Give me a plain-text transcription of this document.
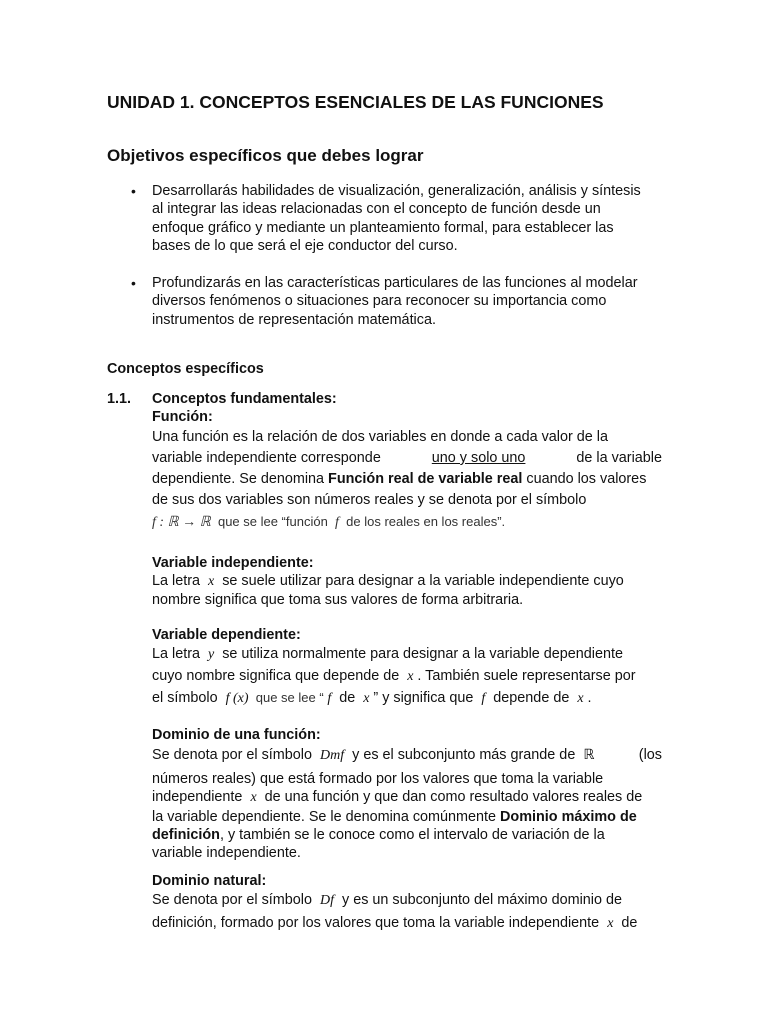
UNIDAD 1. CONCEPTOS ESENCIALES DE LAS FUNCIONES
Objetivos específicos que debes lograr
• Desarrollarás habilidades de visualización, generalización, análisis y síntesis
al integrar las ideas relacionadas con el concepto de función desde un
enfoque gráfico y mediante un planteamiento formal, para establecer las
bases de lo que será el eje conductor del curso.
• Profundizarás en las características particulares de las funciones al modelar
diversos fenómenos o situaciones para reconocer su importancia como
instrumentos de representación matemática.
Conceptos específicos
1.1. Conceptos fundamentales:
Función:
Una función es la relación de dos variables en donde a cada valor de la
variable independiente corresponde	uno y solo uno	de la variable
dependiente. Se denomina Función real de variable real cuando los valores
de sus dos variables son números reales y se denota por el símbolo
f : ℝ → ℝ  que se lee “función  f  de los reales en los reales”.
Variable independiente:
La letra  x  se suele utilizar para designar a la variable independiente cuyo
nombre significa que toma sus valores de forma arbitraria.
Variable dependiente:
La letra  y  se utiliza normalmente para designar a la variable dependiente
cuyo nombre significa que depende de  x . También suele representarse por
el símbolo  f (x)  que se lee “ f  de  x ” y significa que  f  depende de  x .
Dominio de una función:
Se denota por el símbolo  Dmf  y es el subconjunto más grande de  ℝ	(los
números reales) que está formado por los valores que toma la variable
independiente  x  de una función y que dan como resultado valores reales de
la variable dependiente. Se le denomina comúnmente Dominio máximo de
definición, y también se le conoce como el intervalo de variación de la
variable independiente.
Dominio natural:
Se denota por el símbolo  Df  y es un subconjunto del máximo dominio de
definición, formado por los valores que toma la variable independiente  x  de
